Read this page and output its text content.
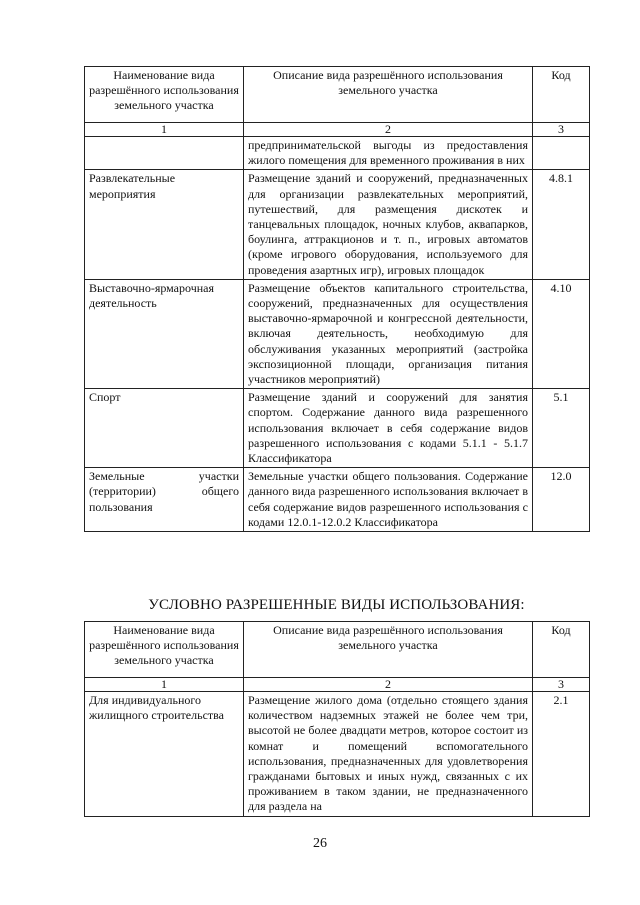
Наименование вида разрешённого использования земельного участка	Описание вида разрешённого использования земельного участка	Код
1	2	3
	предпринимательской выгоды из предоставления жилого помещения для временного проживания в них	
Развлекательные мероприятия	Размещение зданий и сооружений, предназначенных для организации развлекательных мероприятий, путешествий, для размещения дискотек и танцевальных площадок, ночных клубов, аквапарков, боулинга, аттракционов и т. п., игровых автоматов (кроме игрового оборудования, используемого для проведения азартных игр), игровых площадок	4.8.1
Выставочно-ярмарочная деятельность	Размещение объектов капитального строительства, сооружений, предназначенных для осуществления выставочно-ярмарочной и конгрессной деятельности, включая деятельность, необходимую для обслуживания указанных мероприятий (застройка экспозиционной площади, организация питания участников мероприятий)	4.10
Спорт	Размещение зданий и сооружений для занятия спортом. Содержание данного вида разрешенного использования включает в себя содержание видов разрешенного использования с кодами 5.1.1 - 5.1.7 Классификатора	5.1
Земельные участки (территории) общего пользования	Земельные участки общего пользования. Содержание данного вида разрешенного использования включает в себя содержание видов разрешенного использования с кодами 12.0.1-12.0.2 Классификатора	12.0
УСЛОВНО РАЗРЕШЕННЫЕ ВИДЫ ИСПОЛЬЗОВАНИЯ:
Наименование вида разрешённого использования земельного участка	Описание вида разрешённого использования земельного участка	Код
1	2	3
Для индивидуального жилищного строительства	Размещение жилого дома (отдельно стоящего здания количеством надземных этажей не более чем три, высотой не более двадцати метров, которое состоит из комнат и помещений вспомогательного использования, предназначенных для удовлетворения гражданами бытовых и иных нужд, связанных с их проживанием в таком здании, не предназначенного для раздела на	2.1
26
